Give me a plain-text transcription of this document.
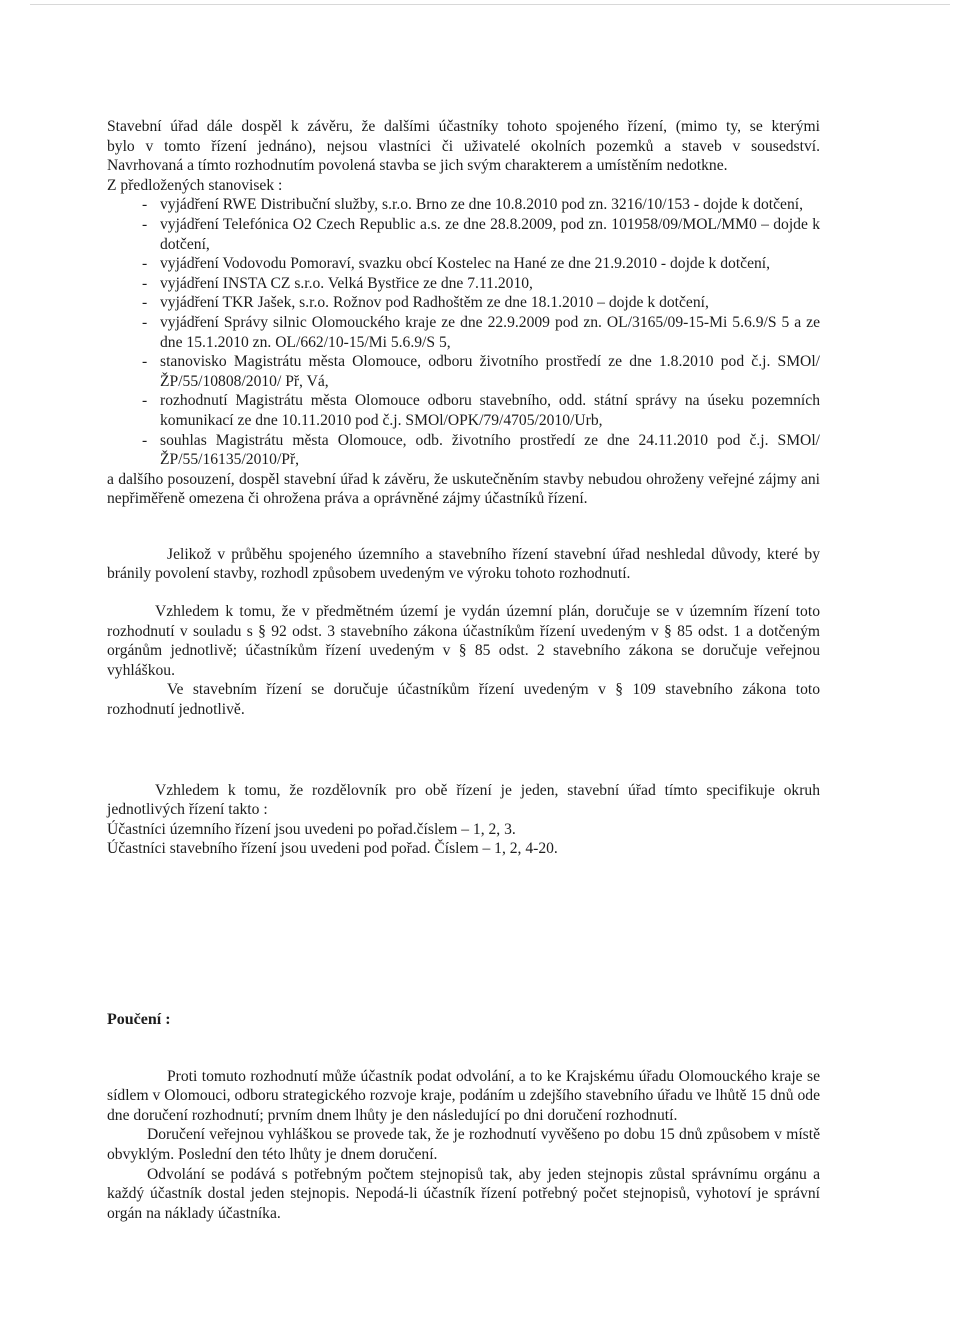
Stavební úřad dále dospěl k závěru, že dalšími účastníky tohoto spojeného řízení, (mimo ty, se kterými

bylo v tomto řízení jednáno), nejsou vlastníci či uživatelé okolních pozemků a staveb v sousedství.

Navrhovaná a tímto rozhodnutím povolená stavba se jich svým charakterem a umístěním nedotkne.

Z předložených stanovisek :

- vyjádření RWE Distribuční služby, s.r.o. Brno ze dne 10.8.2010 pod zn. 3216/10/153 - dojde k dotčení,
- vyjádření Telefónica O2 Czech Republic a.s. ze dne 28.8.2009, pod zn. 101958/09/MOL/MM0 – dojde k dotčení,
- vyjádření Vodovodu Pomoraví, svazku obcí Kostelec na Hané ze dne 21.9.2010 - dojde k dotčení,
- vyjádření INSTA CZ s.r.o. Velká Bystřice ze dne 7.11.2010,
- vyjádření TKR Jašek, s.r.o. Rožnov pod Radhoštěm ze dne 18.1.2010 – dojde k dotčení,
- vyjádření Správy silnic Olomouckého kraje ze dne 22.9.2009 pod zn. OL/3165/09-15-Mi 5.6.9/S 5 a ze dne 15.1.2010 zn. OL/662/10-15/Mi 5.6.9/S 5,
- stanovisko Magistrátu města Olomouce, odboru životního prostředí ze dne 1.8.2010 pod č.j. SMOl/ŽP/55/10808/2010/ Př, Vá,
- rozhodnutí Magistrátu města Olomouce odboru stavebního, odd. státní správy na úseku pozemních komunikací ze dne 10.11.2010 pod č.j. SMOl/OPK/79/4705/2010/Urb,
- souhlas Magistrátu města Olomouce, odb. životního prostředí ze dne 24.11.2010 pod č.j. SMOl/ŽP/55/16135/2010/Př,

a dalšího posouzení, dospěl stavební úřad k závěru, že uskutečněním stavby nebudou ohroženy veřejné zájmy ani nepřiměřeně omezena či ohrožena práva a oprávněné zájmy účastníků řízení.

Jelikož v průběhu spojeného územního a stavebního řízení stavební úřad neshledal důvody, které by bránily povolení stavby, rozhodl způsobem uvedeným ve výroku tohoto rozhodnutí.

Vzhledem k tomu, že v předmětném území je vydán územní plán, doručuje se v územním řízení toto rozhodnutí v souladu s § 92 odst. 3 stavebního zákona účastníkům řízení uvedeným v § 85 odst. 1 a dotčeným orgánům jednotlivě; účastníkům řízení uvedeným v § 85 odst. 2 stavebního zákona se doručuje veřejnou vyhláškou.

Ve stavebním řízení se doručuje účastníkům řízení uvedeným v § 109 stavebního zákona toto rozhodnutí jednotlivě.

Vzhledem k tomu, že rozdělovník pro obě řízení je jeden, stavební úřad tímto specifikuje okruh jednotlivých řízení takto :

Účastníci územního řízení jsou uvedeni po pořad.číslem – 1, 2, 3.

Účastníci stavebního řízení jsou uvedeni pod pořad. Číslem – 1, 2, 4-20.

Poučení :

Proti tomuto rozhodnutí může účastník podat odvolání, a to ke Krajskému úřadu Olomouckého kraje se sídlem v Olomouci, odboru strategického rozvoje kraje, podáním u zdejšího stavebního úřadu ve lhůtě 15 dnů ode dne doručení rozhodnutí; prvním dnem lhůty je den následující po dni doručení rozhodnutí.

Doručení veřejnou vyhláškou se provede tak, že je rozhodnutí vyvěšeno po dobu 15 dnů způsobem v místě obvyklým. Poslední den této lhůty je dnem doručení.

Odvolání se podává s potřebným počtem stejnopisů tak, aby jeden stejnopis zůstal správnímu orgánu a každý účastník dostal jeden stejnopis. Nepodá-li účastník řízení potřebný počet stejnopisů, vyhotoví je správní orgán na náklady účastníka.
